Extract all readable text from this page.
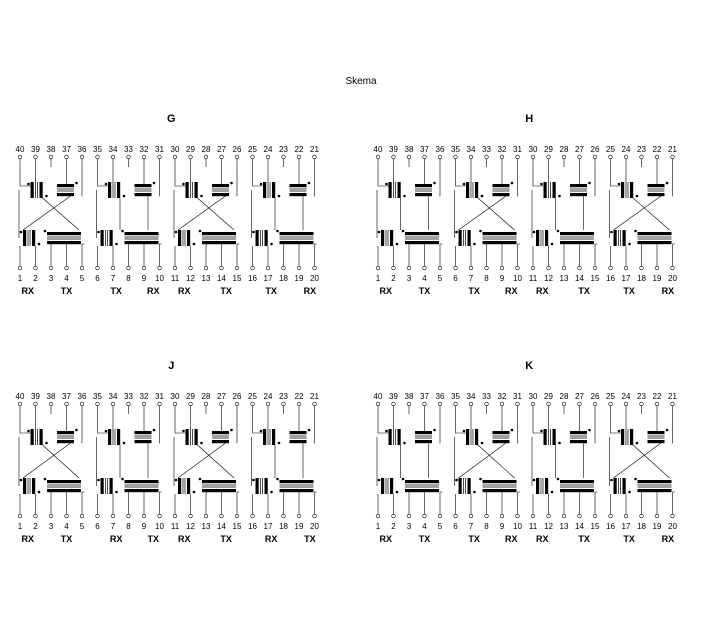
Skema
G
40 39 38 37 36 35 34 33 32 31 30 29 28 27 26 25 24 23 22 21
1 2 3 4 5 6 7 8 9 10 11 12 13 14 15 16 17 18 19 20
RX	TX	TX	RX RX	TX	TX	RX
H
40 39 38 37 36 35 34 33 32 31 30 29 28 27 26 25 24 23 22 21
1 2 3 4 5 6 7 8 9 10 11 12 13 14 15 16 17 18 19 20
RX	TX	TX	RX RX	TX	TX	RX
J
40 39 38 37 36 35 34 33 32 31 30 29 28 27 26 25 24 23 22 21
1 2 3 4 5 6 7 8 9 10 11 12 13 14 15 16 17 18 19 20
RX	TX	RX	TX RX	TX	RX	TX
K
40 39 38 37 36 35 34 33 32 31 30 29 28 27 26 25 24 23 22 21
1 2 3 4 5 6 7 8 9 10 11 12 13 14 15 16 17 18 19 20
RX	TX	TX	RX RX	TX	TX	RX
